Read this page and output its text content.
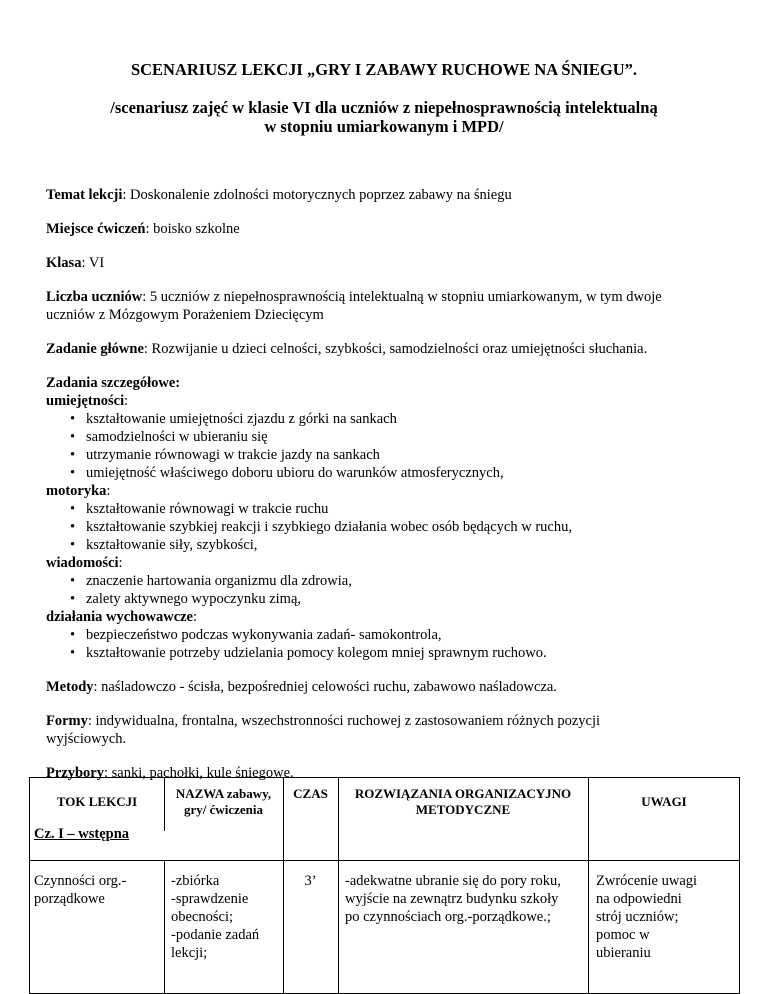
SCENARIUSZ LEKCJI „GRY I ZABAWY RUCHOWE NA ŚNIEGU”.
/scenariusz zajęć w klasie VI dla uczniów z niepełnosprawnością intelektualną
w stopniu umiarkowanym i MPD/
Temat lekcji: Doskonalenie zdolności motorycznych poprzez zabawy na śniegu
Miejsce ćwiczeń: boisko szkolne
Klasa: VI
Liczba uczniów: 5 uczniów z niepełnosprawnością intelektualną w stopniu umiarkowanym, w tym dwoje
uczniów z Mózgowym Porażeniem Dziecięcym
Zadanie główne: Rozwijanie u dzieci celności, szybkości, samodzielności oraz umiejętności słuchania.
Zadania szczegółowe:
umiejętności:
• kształtowanie umiejętności zjazdu z górki na sankach
• samodzielności w ubieraniu się
• utrzymanie równowagi w trakcie jazdy na sankach
• umiejętność właściwego doboru ubioru do warunków atmosferycznych,
motoryka:
• kształtowanie równowagi w trakcie ruchu
• kształtowanie szybkiej reakcji i szybkiego działania wobec osób będących w ruchu,
• kształtowanie siły, szybkości,
wiadomości:
• znaczenie hartowania organizmu dla zdrowia,
• zalety aktywnego wypoczynku zimą,
działania wychowawcze:
• bezpieczeństwo podczas wykonywania zadań- samokontrola,
• kształtowanie potrzeby udzielania pomocy kolegom mniej sprawnym ruchowo.
Metody: naśladowczo - ścisła, bezpośredniej celowości ruchu, zabawowo naśladowcza.
Formy: indywidualna, frontalna, wszechstronności ruchowej z zastosowaniem różnych pozycji
wyjściowych.
Przybory: sanki, pachołki, kule śniegowe.
TOK LEKCJI
NAZWA zabawy,
gry/ ćwiczenia
CZAS	ROZWIĄZANIA ORGANIZACYJNO
METODYCZNE
UWAGI
Cz. I – wstępna
Czynności org.-
porządkowe
-zbiórka
-sprawdzenie
obecności;
-podanie zadań
lekcji;
3’	-adekwatne ubranie się do pory roku,
wyjście na zewnątrz budynku szkoły
po czynnościach org.-porządkowe.;
Zwrócenie uwagi
na odpowiedni
strój uczniów;
pomoc w
ubieraniu
